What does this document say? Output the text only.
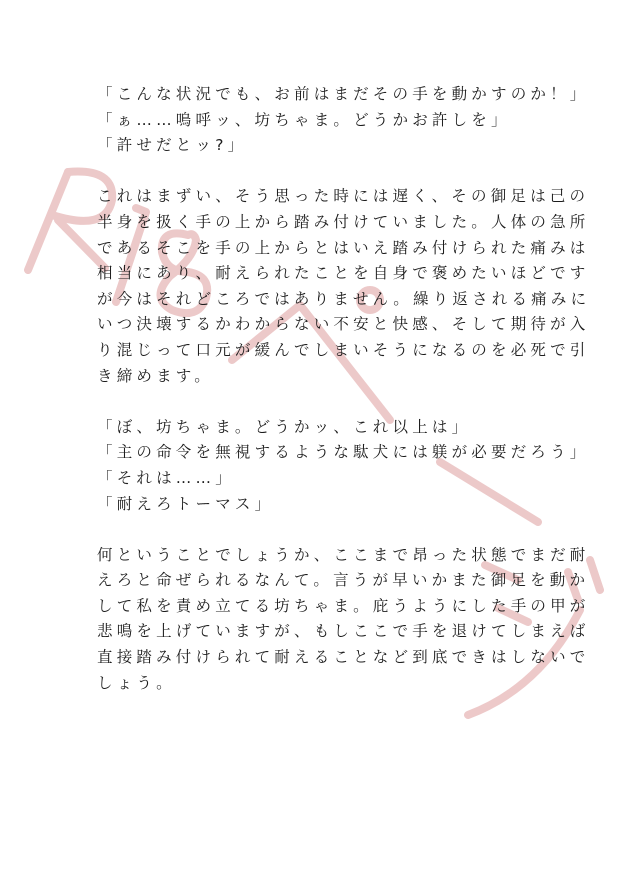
「こんな状況でも、お前はまだその手を動かすのか！」
「ぁ……嗚呼ッ、坊ちゃま。どうかお許しを」
「許せだとッ?」
これはまずい、そう思った時には遅く、その御足は己の
半身を扱く手の上から踏み付けていました。人体の急所
であるそこを手の上からとはいえ踏み付けられた痛みは
相当にあり、耐えられたことを自身で褒めたいほどです
が今はそれどころではありません。繰り返される痛みに
いつ決壊するかわからない不安と快感、そして期待が入
り混じって口元が緩んでしまいそうになるのを必死で引
き締めます。
「ぼ、坊ちゃま。どうかッ、これ以上は」
「主の命令を無視するような駄犬には躾が必要だろう」
「それは……」
「耐えろトーマス」
何ということでしょうか、ここまで昂った状態でまだ耐
えろと命ぜられるなんて。言うが早いかまた御足を動か
して私を責め立てる坊ちゃま。庇うようにした手の甲が
悲鳴を上げていますが、もしここで手を退けてしまえば
直接踏み付けられて耐えることなど到底できはしないで
しょう。
